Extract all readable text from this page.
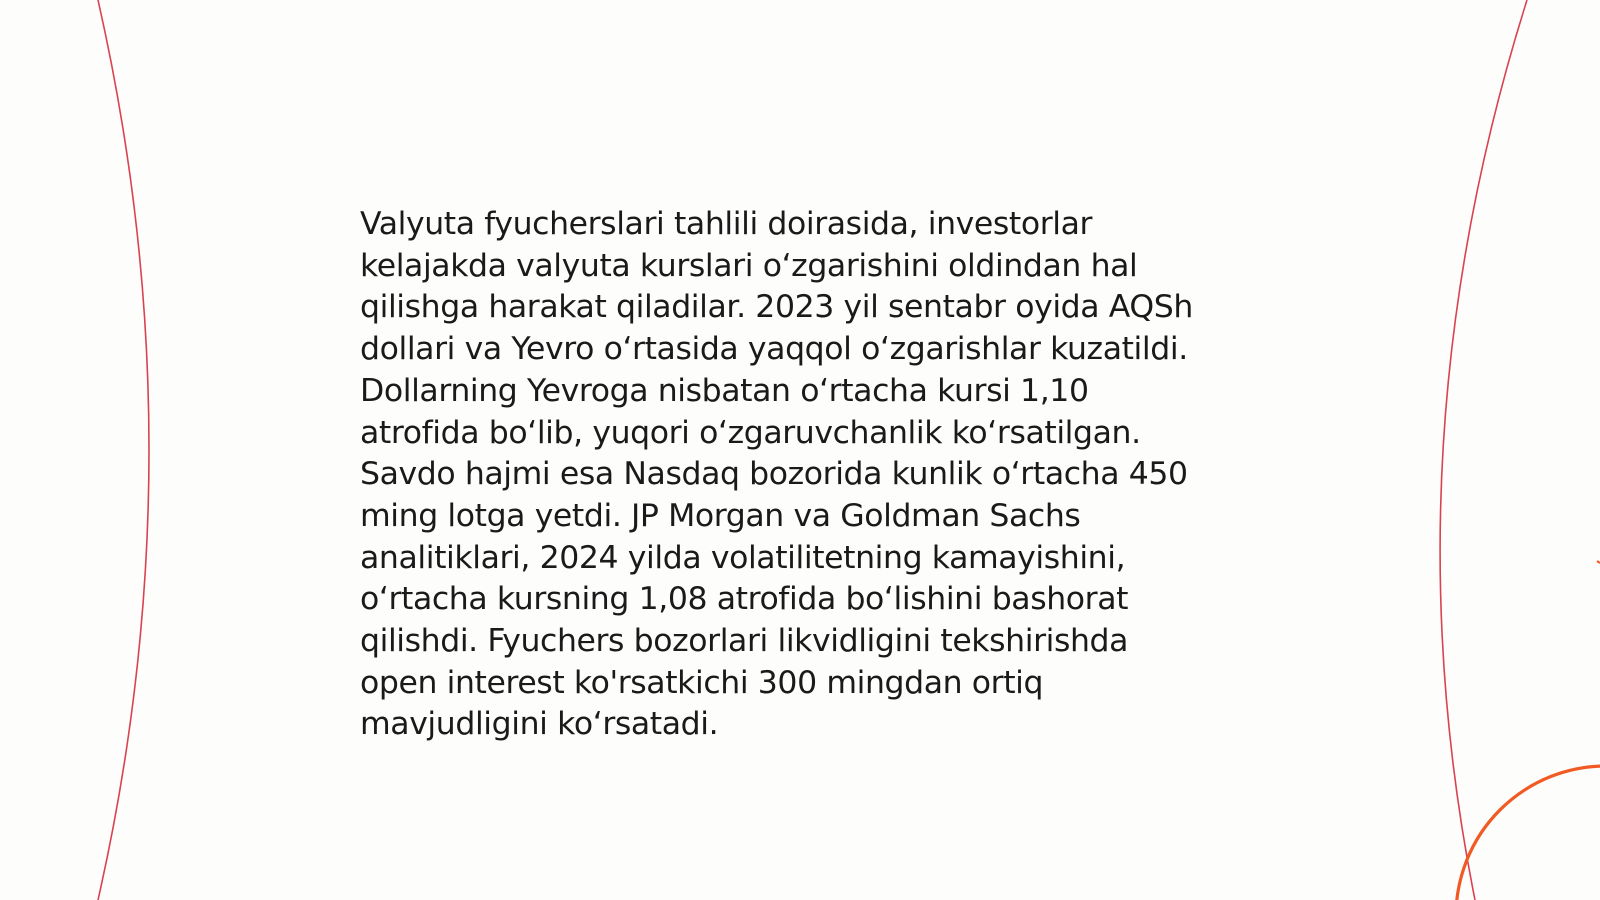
Valyuta fyucherslari tahlili doirasida, investorlar
kelajakda valyuta kurslari o‘zgarishini oldindan hal
qilishga harakat qiladilar. 2023 yil sentabr oyida AQSh
dollari va Yevro o‘rtasida yaqqol o‘zgarishlar kuzatildi.
Dollarning Yevroga nisbatan o‘rtacha kursi 1,10
atrofida bo‘lib, yuqori o‘zgaruvchanlik ko‘rsatilgan.
Savdo hajmi esa Nasdaq bozorida kunlik o‘rtacha 450
ming lotga yetdi. JP Morgan va Goldman Sachs
analitiklari, 2024 yilda volatilitetning kamayishini,
o‘rtacha kursning 1,08 atrofida bo‘lishini bashorat
qilishdi. Fyuchers bozorlari likvidligini tekshirishda
open interest ko'rsatkichi 300 mingdan ortiq
mavjudligini ko‘rsatadi.
